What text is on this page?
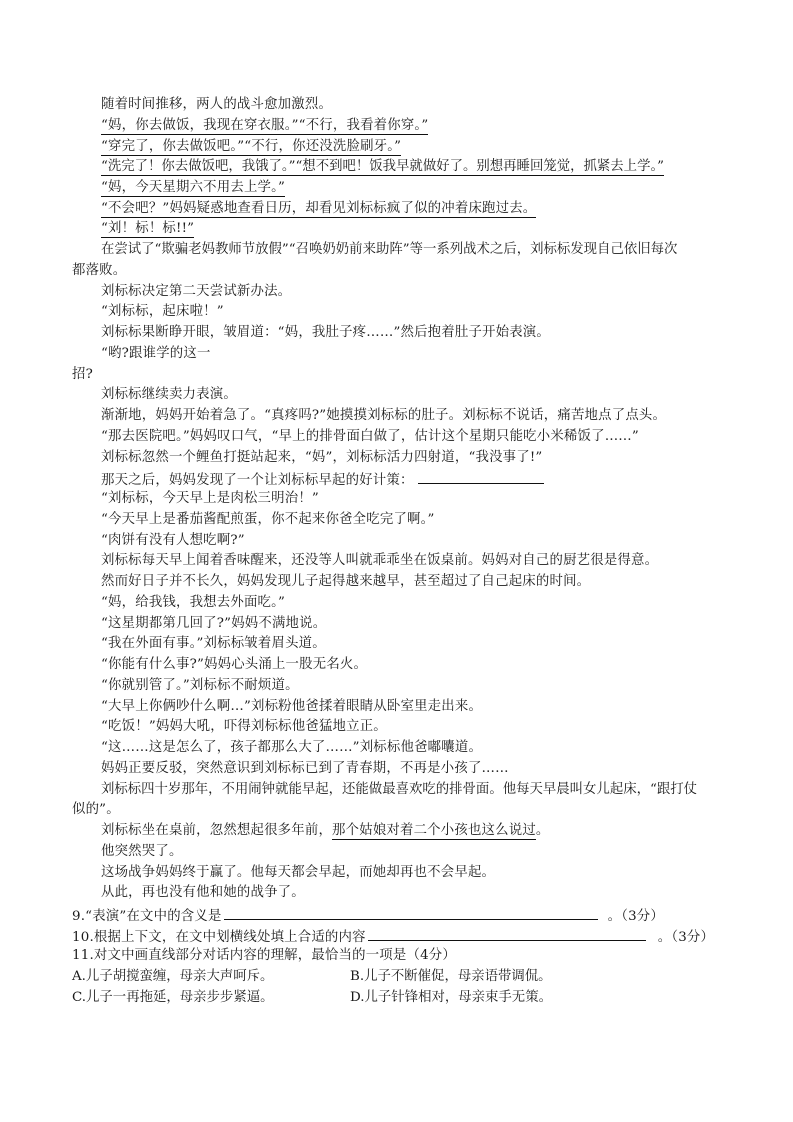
随着时间推移，两人的战斗愈加激烈。
“妈，你去做饭，我现在穿衣服。”“不行，我看着你穿。”
“穿完了，你去做饭吧。”“不行，你还没洗脸刷牙。”
“洗完了！你去做饭吧，我饿了。”“想不到吧！饭我早就做好了。别想再睡回笼觉，抓紧去上学。”
“妈，今天星期六不用去上学。”
“不会吧？”妈妈疑惑地查看日历，却看见刘标标疯了似的冲着床跑过去。
“刘！标！标!!”
在尝试了“欺骗老妈教师节放假”“召唤奶奶前来助阵”等一系列战术之后，刘标标发现自己依旧每次
都落败。
刘标标决定第二天尝试新办法。
“刘标标，起床啦！”
刘标标果断睁开眼，皱眉道：“妈，我肚子疼……”然后抱着肚子开始表演。
“哟?跟谁学的这一
招?
刘标标继续卖力表演。
渐渐地，妈妈开始着急了。“真疼吗?”她摸摸刘标标的肚子。刘标标不说话，痛苦地点了点头。
“那去医院吧。”妈妈叹口气，“早上的排骨面白做了，估计这个星期只能吃小米稀饭了……”
刘标标忽然一个鲤鱼打挺站起来，“妈”，刘标标活力四射道，“我没事了!”
那天之后，妈妈发现了一个让刘标标早起的好计策：
“刘标标，今天早上是肉松三明治！”
“今天早上是番茄酱配煎蛋，你不起来你爸全吃完了啊。”
“肉饼有没有人想吃啊?”
刘标标每天早上闻着香味醒来，还没等人叫就乖乖坐在饭桌前。妈妈对自己的厨艺很是得意。
然而好日子并不长久，妈妈发现儿子起得越来越早，甚至超过了自己起床的时间。
“妈，给我钱，我想去外面吃。”
“这星期都第几回了?”妈妈不满地说。
“我在外面有事。”刘标标皱着眉头道。
“你能有什么事?”妈妈心头涌上一股无名火。
“你就别管了。”刘标标不耐烦道。
“大早上你俩吵什么啊…”刘标粉他爸揉着眼睛从卧室里走出来。
“吃饭！”妈妈大吼，吓得刘标标他爸猛地立正。
“这……这是怎么了，孩子都那么大了……”刘标标他爸嘟囔道。
妈妈正要反驳，突然意识到刘标标已到了青春期，不再是小孩了……
刘标标四十岁那年，不用闹钟就能早起，还能做最喜欢吃的排骨面。他每天早晨叫女儿起床，“跟打仗
似的”。
刘标标坐在桌前，忽然想起很多年前，那个姑娘对着二个小孩也这么说过。
他突然哭了。
这场战争妈妈终于赢了。他每天都会早起，而她却再也不会早起。
从此，再也没有他和她的战争了。
9.“表演”在文中的含义是	。（3分）
10.根据上下文，在文中划横线处填上合适的内容	。（3分）
11.对文中画直线部分对话内容的理解，最恰当的一项是（4分）
A.儿子胡搅蛮缠，母亲大声呵斥。	B.儿子不断催促，母亲语带调侃。
C.儿子一再拖延，母亲步步紧逼。	D.儿子针锋相对，母亲束手无策。
